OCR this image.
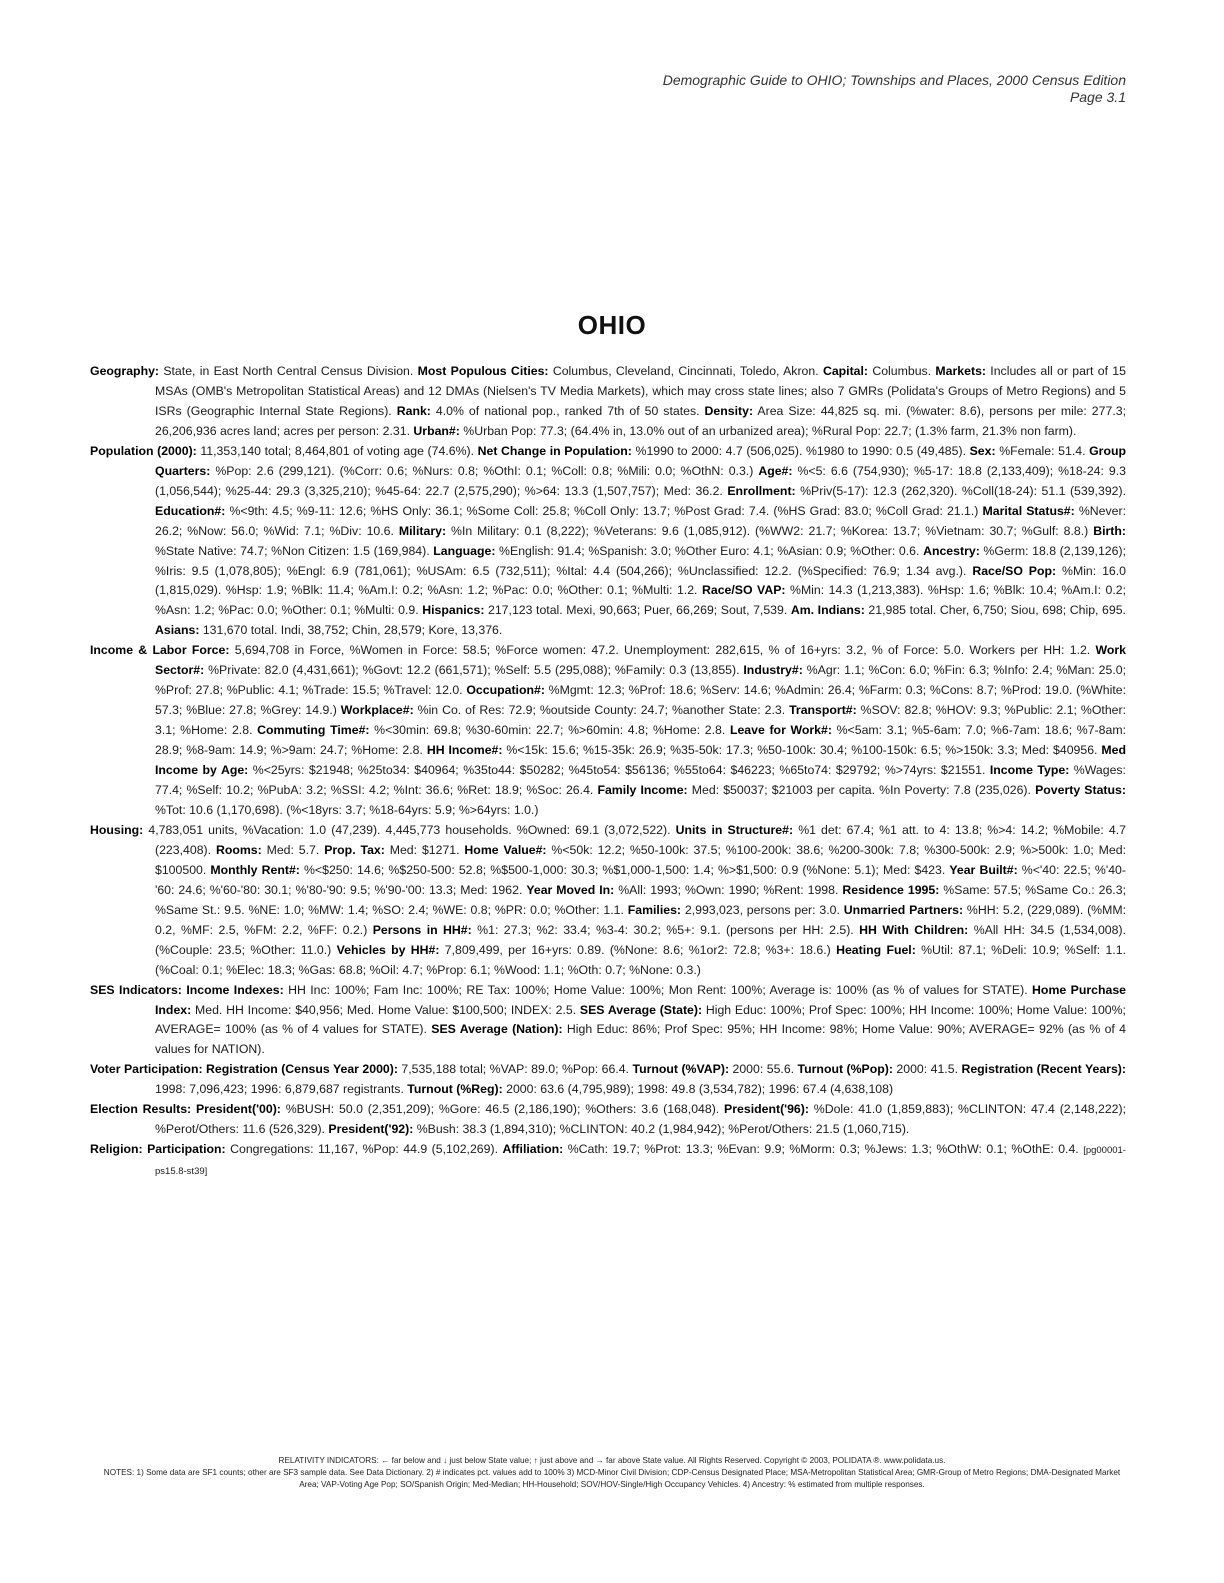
Demographic Guide to OHIO; Townships and Places, 2000 Census Edition
Page 3.1
OHIO

Geography: State, in East North Central Census Division. Most Populous Cities: Columbus, Cleveland, Cincinnati, Toledo, Akron. Capital: Columbus. Markets: Includes all or part of 15 MSAs (OMB's Metropolitan Statistical Areas) and 12 DMAs (Nielsen's TV Media Markets), which may cross state lines; also 7 GMRs (Polidata's Groups of Metro Regions) and 5 ISRs (Geographic Internal State Regions). Rank: 4.0% of national pop., ranked 7th of 50 states. Density: Area Size: 44,825 sq. mi. (%water: 8.6), persons per mile: 277.3; 26,206,936 acres land; acres per person: 2.31. Urban#: %Urban Pop: 77.3; (64.4% in, 13.0% out of an urbanized area); %Rural Pop: 22.7; (1.3% farm, 21.3% non farm).

Population (2000): 11,353,140 total; 8,464,801 of voting age (74.6%). Net Change in Population: %1990 to 2000: 4.7 (506,025). %1980 to 1990: 0.5 (49,485). Sex: %Female: 51.4. Group Quarters: %Pop: 2.6 (299,121). (%Corr: 0.6; %Nurs: 0.8; %OthI: 0.1; %Coll: 0.8; %Mili: 0.0; %OthN: 0.3.) Age#: %<5: 6.6 (754,930); %5-17: 18.8 (2,133,409); %18-24: 9.3 (1,056,544); %25-44: 29.3 (3,325,210); %45-64: 22.7 (2,575,290); %>64: 13.3 (1,507,757); Med: 36.2. Enrollment: %Priv(5-17): 12.3 (262,320). %Coll(18-24): 51.1 (539,392). Education#: %<9th: 4.5; %9-11: 12.6; %HS Only: 36.1; %Some Coll: 25.8; %Coll Only: 13.7; %Post Grad: 7.4. (%HS Grad: 83.0; %Coll Grad: 21.1.) Marital Status#: %Never: 26.2; %Now: 56.0; %Wid: 7.1; %Div: 10.6. Military: %In Military: 0.1 (8,222); %Veterans: 9.6 (1,085,912). (%WW2: 21.7; %Korea: 13.7; %Vietnam: 30.7; %Gulf: 8.8.) Birth: %State Native: 74.7; %Non Citizen: 1.5 (169,984). Language: %English: 91.4; %Spanish: 3.0; %Other Euro: 4.1; %Asian: 0.9; %Other: 0.6. Ancestry: %Germ: 18.8 (2,139,126); %Iris: 9.5 (1,078,805); %Engl: 6.9 (781,061); %USAm: 6.5 (732,511); %Ital: 4.4 (504,266); %Unclassified: 12.2. (%Specified: 76.9; 1.34 avg.). Race/SO Pop: %Min: 16.0 (1,815,029). %Hsp: 1.9; %Blk: 11.4; %Am.I: 0.2; %Asn: 1.2; %Pac: 0.0; %Other: 0.1; %Multi: 1.2. Race/SO VAP: %Min: 14.3 (1,213,383). %Hsp: 1.6; %Blk: 10.4; %Am.I: 0.2; %Asn: 1.2; %Pac: 0.0; %Other: 0.1; %Multi: 0.9. Hispanics: 217,123 total. Mexi, 90,663; Puer, 66,269; Sout, 7,539. Am. Indians: 21,985 total. Cher, 6,750; Siou, 698; Chip, 695. Asians: 131,670 total. Indi, 38,752; Chin, 28,579; Kore, 13,376.

Income & Labor Force: 5,694,708 in Force, %Women in Force: 58.5; %Force women: 47.2. Unemployment: 282,615, % of 16+yrs: 3.2, % of Force: 5.0. Workers per HH: 1.2. Work Sector#: %Private: 82.0 (4,431,661); %Govt: 12.2 (661,571); %Self: 5.5 (295,088); %Family: 0.3 (13,855). Industry#: %Agr: 1.1; %Con: 6.0; %Fin: 6.3; %Info: 2.4; %Man: 25.0; %Prof: 27.8; %Public: 4.1; %Trade: 15.5; %Travel: 12.0. Occupation#: %Mgmt: 12.3; %Prof: 18.6; %Serv: 14.6; %Admin: 26.4; %Farm: 0.3; %Cons: 8.7; %Prod: 19.0. (%White: 57.3; %Blue: 27.8; %Grey: 14.9.) Workplace#: %in Co. of Res: 72.9; %outside County: 24.7; %another State: 2.3. Transport#: %SOV: 82.8; %HOV: 9.3; %Public: 2.1; %Other: 3.1; %Home: 2.8. Commuting Time#: %<30min: 69.8; %30-60min: 22.7; %>60min: 4.8; %Home: 2.8. Leave for Work#: %<5am: 3.1; %5-6am: 7.0; %6-7am: 18.6; %7-8am: 28.9; %8-9am: 14.9; %>9am: 24.7; %Home: 2.8. HH Income#: %<15k: 15.6; %15-35k: 26.9; %35-50k: 17.3; %50-100k: 30.4; %100-150k: 6.5; %>150k: 3.3; Med: $40956. Med Income by Age: %<25yrs: $21948; %25to34: $40964; %35to44: $50282; %45to54: $56136; %55to64: $46223; %65to74: $29792; %>74yrs: $21551. Income Type: %Wages: 77.4; %Self: 10.2; %PubA: 3.2; %SSI: 4.2; %Int: 36.6; %Ret: 18.9; %Soc: 26.4. Family Income: Med: $50037; $21003 per capita. %In Poverty: 7.8 (235,026). Poverty Status: %Tot: 10.6 (1,170,698). (%<18yrs: 3.7; %18-64yrs: 5.9; %>64yrs: 1.0.)

Housing: 4,783,051 units, %Vacation: 1.0 (47,239). 4,445,773 households. %Owned: 69.1 (3,072,522). Units in Structure#: %1 det: 67.4; %1 att. to 4: 13.8; %>4: 14.2; %Mobile: 4.7 (223,408). Rooms: Med: 5.7. Prop. Tax: Med: $1271. Home Value#: %<50k: 12.2; %50-100k: 37.5; %100-200k: 38.6; %200-300k: 7.8; %300-500k: 2.9; %>500k: 1.0; Med: $100500. Monthly Rent#: %<$250: 14.6; %$250-500: 52.8; %$500-1,000: 30.3; %$1,000-1,500: 1.4; %>$1,500: 0.9 (%None: 5.1); Med: $423. Year Built#: %<'40: 22.5; %'40-'60: 24.6; %'60-'80: 30.1; %'80-'90: 9.5; %'90-'00: 13.3; Med: 1962. Year Moved In: %All: 1993; %Own: 1990; %Rent: 1998. Residence 1995: %Same: 57.5; %Same Co.: 26.3; %Same St.: 9.5. %NE: 1.0; %MW: 1.4; %SO: 2.4; %WE: 0.8; %PR: 0.0; %Other: 1.1. Families: 2,993,023, persons per: 3.0. Unmarried Partners: %HH: 5.2, (229,089). (%MM: 0.2, %MF: 2.5, %FM: 2.2, %FF: 0.2.) Persons in HH#: %1: 27.3; %2: 33.4; %3-4: 30.2; %5+: 9.1. (persons per HH: 2.5). HH With Children: %All HH: 34.5 (1,534,008). (%Couple: 23.5; %Other: 11.0.) Vehicles by HH#: 7,809,499, per 16+yrs: 0.89. (%None: 8.6; %1or2: 72.8; %3+: 18.6.) Heating Fuel: %Util: 87.1; %Deli: 10.9; %Self: 1.1. (%Coal: 0.1; %Elec: 18.3; %Gas: 68.8; %Oil: 4.7; %Prop: 6.1; %Wood: 1.1; %Oth: 0.7; %None: 0.3.)

SES Indicators: Income Indexes: HH Inc: 100%; Fam Inc: 100%; RE Tax: 100%; Home Value: 100%; Mon Rent: 100%; Average is: 100% (as % of values for STATE). Home Purchase Index: Med. HH Income: $40,956; Med. Home Value: $100,500; INDEX: 2.5. SES Average (State): High Educ: 100%; Prof Spec: 100%; HH Income: 100%; Home Value: 100%; AVERAGE= 100% (as % of 4 values for STATE). SES Average (Nation): High Educ: 86%; Prof Spec: 95%; HH Income: 98%; Home Value: 90%; AVERAGE= 92% (as % of 4 values for NATION).

Voter Participation: Registration (Census Year 2000): 7,535,188 total; %VAP: 89.0; %Pop: 66.4. Turnout (%VAP): 2000: 55.6. Turnout (%Pop): 2000: 41.5. Registration (Recent Years): 1998: 7,096,423; 1996: 6,879,687 registrants. Turnout (%Reg): 2000: 63.6 (4,795,989); 1998: 49.8 (3,534,782); 1996: 67.4 (4,638,108)

Election Results: President('00): %BUSH: 50.0 (2,351,209); %Gore: 46.5 (2,186,190); %Others: 3.6 (168,048). President('96): %Dole: 41.0 (1,859,883); %CLINTON: 47.4 (2,148,222); %Perot/Others: 11.6 (526,329). President('92): %Bush: 38.3 (1,894,310); %CLINTON: 40.2 (1,984,942); %Perot/Others: 21.5 (1,060,715).

Religion: Participation: Congregations: 11,167, %Pop: 44.9 (5,102,269). Affiliation: %Cath: 19.7; %Prot: 13.3; %Evan: 9.9; %Morm: 0.3; %Jews: 1.3; %OthW: 0.1; %OthE: 0.4. [pg00001-ps15.8-st39]

RELATIVITY INDICATORS: ← far below and ↓ just below State value; ↑ just above and → far above State value. All Rights Reserved. Copyright © 2003, POLIDATA ®. www.polidata.us.
NOTES: 1) Some data are SF1 counts; other are SF3 sample data. See Data Dictionary. 2) # indicates pct. values add to 100% 3) MCD-Minor Civil Division; CDP-Census Designated Place; MSA-Metropolitan Statistical Area; GMR-Group of Metro Regions; DMA-Designated Market Area; VAP-Voting Age Pop; SO/Spanish Origin; Med-Median; HH-Household; SOV/HOV-Single/High Occupancy Vehicles. 4) Ancestry: % estimated from multiple responses.
